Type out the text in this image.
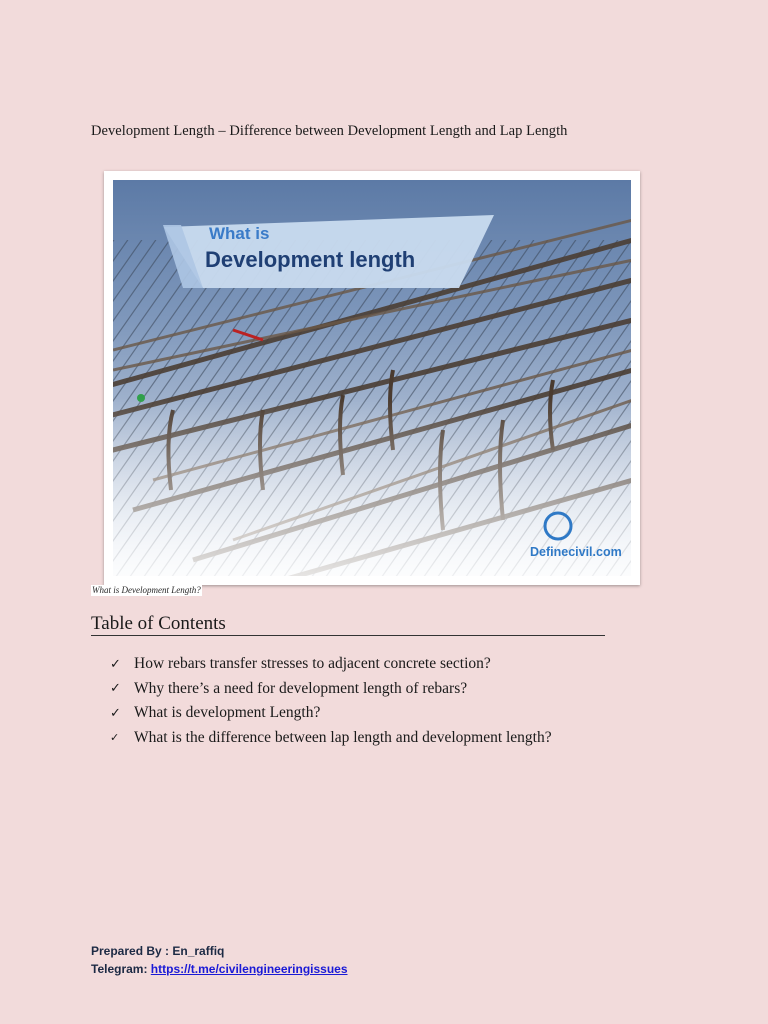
Development Length – Difference between Development Length and Lap Length
What is
Development length
Definecivil.com
What is Development Length?
Table of Contents
✓ How rebars transfer stresses to adjacent concrete section?
✓ Why there’s a need for development length of rebars?
✓ What is development Length?
✓ What is the difference between lap length and development length?
Prepared By : En_raffiq
Telegram: https://t.me/civilengineeringissues
